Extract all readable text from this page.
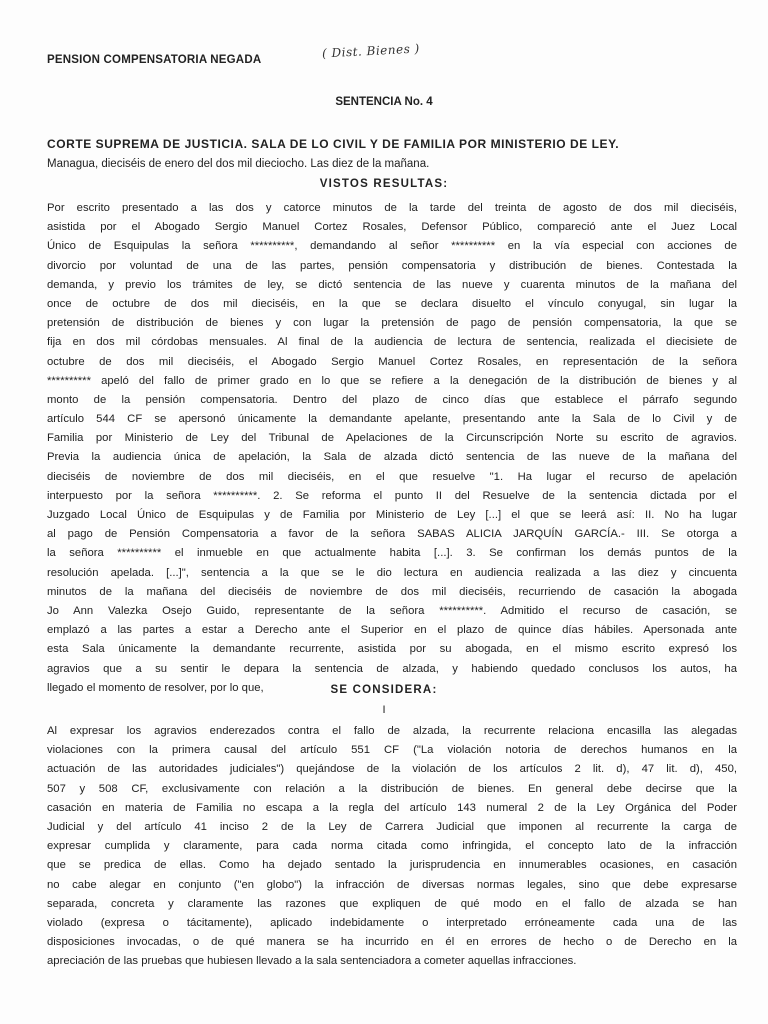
PENSION COMPENSATORIA NEGADA	( Dist. Bienes )
SENTENCIA No. 4
CORTE SUPREMA DE JUSTICIA. SALA DE LO CIVIL Y DE FAMILIA POR MINISTERIO DE LEY.
Managua, dieciséis de enero del dos mil dieciocho. Las diez de la mañana.
VISTOS RESULTAS:
Por escrito presentado a las dos y catorce minutos de la tarde del treinta de agosto de dos mil dieciséis,
asistida por el Abogado Sergio Manuel Cortez Rosales, Defensor Público, compareció ante el Juez Local
Único de Esquipulas la señora **********, demandando al señor ********** en la vía especial con acciones de
divorcio por voluntad de una de las partes, pensión compensatoria y distribución de bienes. Contestada la
demanda, y previo los trámites de ley, se dictó sentencia de las nueve y cuarenta minutos de la mañana del
once de octubre de dos mil dieciséis, en la que se declara disuelto el vínculo conyugal, sin lugar la
pretensión de distribución de bienes y con lugar la pretensión de pago de pensión compensatoria, la que se
fija en dos mil córdobas mensuales. Al final de la audiencia de lectura de sentencia, realizada el diecisiete de
octubre de dos mil dieciséis, el Abogado Sergio Manuel Cortez Rosales, en representación de la señora
********** apeló del fallo de primer grado en lo que se refiere a la denegación de la distribución de bienes y al
monto de la pensión compensatoria. Dentro del plazo de cinco días que establece el párrafo segundo
artículo 544 CF se apersonó únicamente la demandante apelante, presentando ante la Sala de lo Civil y de
Familia por Ministerio de Ley del Tribunal de Apelaciones de la Circunscripción Norte su escrito de agravios.
Previa la audiencia única de apelación, la Sala de alzada dictó sentencia de las nueve de la mañana del
dieciséis de noviembre de dos mil dieciséis, en el que resuelve "1. Ha lugar el recurso de apelación
interpuesto por la señora **********. 2. Se reforma el punto II del Resuelve de la sentencia dictada por el
Juzgado Local Único de Esquipulas y de Familia por Ministerio de Ley [...] el que se leerá así: II. No ha lugar
al pago de Pensión Compensatoria a favor de la señora SABAS ALICIA JARQUÍN GARCÍA.- III. Se otorga a
la señora ********** el inmueble en que actualmente habita [...]. 3. Se confirman los demás puntos de la
resolución apelada. [...]", sentencia a la que se le dio lectura en audiencia realizada a las diez y cincuenta
minutos de la mañana del dieciséis de noviembre de dos mil dieciséis, recurriendo de casación la abogada
Jo Ann Valezka Osejo Guido, representante de la señora **********. Admitido el recurso de casación, se
emplazó a las partes a estar a Derecho ante el Superior en el plazo de quince días hábiles. Apersonada ante
esta Sala únicamente la demandante recurrente, asistida por su abogada, en el mismo escrito expresó los
agravios que a su sentir le depara la sentencia de alzada, y habiendo quedado conclusos los autos, ha
llegado el momento de resolver, por lo que,	SE CONSIDERA:
I
Al expresar los agravios enderezados contra el fallo de alzada, la recurrente relaciona encasilla las alegadas
violaciones con la primera causal del artículo 551 CF ("La violación notoria de derechos humanos en la
actuación de las autoridades judiciales") quejándose de la violación de los artículos 2 lit. d), 47 lit. d), 450,
507 y 508 CF, exclusivamente con relación a la distribución de bienes. En general debe decirse que la
casación en materia de Familia no escapa a la regla del artículo 143 numeral 2 de la Ley Orgánica del Poder
Judicial y del artículo 41 inciso 2 de la Ley de Carrera Judicial que imponen al recurrente la carga de
expresar cumplida y claramente, para cada norma citada como infringida, el concepto lato de la infracción
que se predica de ellas. Como ha dejado sentado la jurisprudencia en innumerables ocasiones, en casación
no cabe alegar en conjunto ("en globo") la infracción de diversas normas legales, sino que debe expresarse
separada, concreta y claramente las razones que expliquen de qué modo en el fallo de alzada se han
violado (expresa o tácitamente), aplicado indebidamente o interpretado erróneamente cada una de las
disposiciones invocadas, o de qué manera se ha incurrido en él en errores de hecho o de Derecho en la
apreciación de las pruebas que hubiesen llevado a la sala sentenciadora a cometer aquellas infracciones.
